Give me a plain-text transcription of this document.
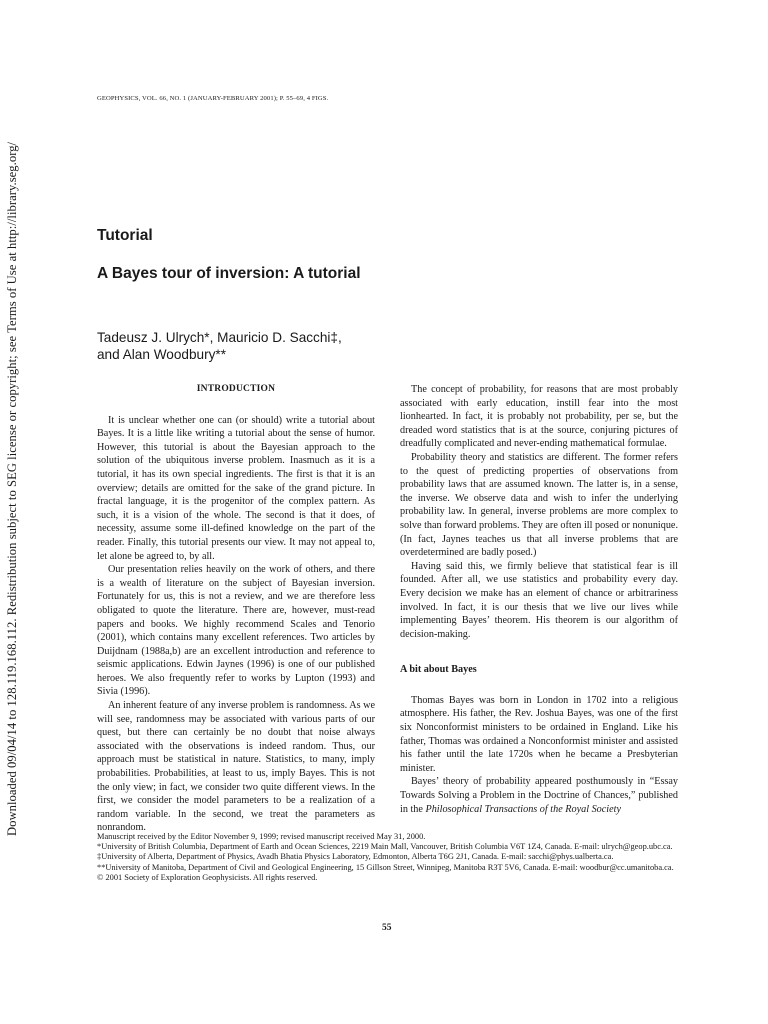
Downloaded 09/04/14 to 128.119.168.112. Redistribution subject to SEG license or copyright; see Terms of Use at http://library.seg.org/
GEOPHYSICS, VOL. 66, NO. 1 (JANUARY-FEBRUARY 2001); P. 55–69, 4 FIGS.
Tutorial
A Bayes tour of inversion: A tutorial
Tadeusz J. Ulrych*, Mauricio D. Sacchi‡,
and Alan Woodbury**
INTRODUCTION

It is unclear whether one can (or should) write a tutorial about Bayes. It is a little like writing a tutorial about the sense of humor. However, this tutorial is about the Bayesian approach to the solution of the ubiquitous inverse problem. Inasmuch as it is a tutorial, it has its own special ingredients. The first is that it is an overview; details are omitted for the sake of the grand picture. In fractal language, it is the progenitor of the complex pattern. As such, it is a vision of the whole. The second is that it does, of necessity, assume some ill-defined knowledge on the part of the reader. Finally, this tutorial presents our view. It may not appeal to, let alone be agreed to, by all.

Our presentation relies heavily on the work of others, and there is a wealth of literature on the subject of Bayesian inversion. Fortunately for us, this is not a review, and we are therefore less obligated to quote the literature. There are, however, must-read papers and books. We highly recommend Scales and Tenorio (2001), which contains many excellent references. Two articles by Duijdnam (1988a,b) are an excellent introduction and reference to seismic applications. Edwin Jaynes (1996) is one of our published heroes. We also frequently refer to works by Lupton (1993) and Sivia (1996).

An inherent feature of any inverse problem is randomness. As we will see, randomness may be associated with various parts of our quest, but there can certainly be no doubt that noise always associated with the observations is indeed random. Thus, our approach must be statistical in nature. Statistics, to many, imply probabilities. Probabilities, at least to us, imply Bayes. This is not the only view; in fact, we consider two quite different views. In the first, we consider the model parameters to be a realization of a random variable. In the second, we treat the parameters as nonrandom.

The concept of probability, for reasons that are most probably associated with early education, instill fear into the most lionhearted. In fact, it is probably not probability, per se, but the dreaded word statistics that is at the source, conjuring pictures of dreadfully complicated and never-ending mathematical formulae.

Probability theory and statistics are different. The former refers to the quest of predicting properties of observations from probability laws that are assumed known. The latter is, in a sense, the inverse. We observe data and wish to infer the underlying probability law. In general, inverse problems are more complex to solve than forward problems. They are often ill posed or nonunique. (In fact, Jaynes teaches us that all inverse problems that are overdetermined are badly posed.)

Having said this, we firmly believe that statistical fear is ill founded. After all, we use statistics and probability every day. Every decision we make has an element of chance or arbitrariness involved. In fact, it is our thesis that we live our lives while implementing Bayes’ theorem. His theorem is our algorithm of decision-making.

A bit about Bayes

Thomas Bayes was born in London in 1702 into a religious atmosphere. His father, the Rev. Joshua Bayes, was one of the first six Nonconformist ministers to be ordained in England. Like his father, Thomas was ordained a Nonconformist minister and assisted his father until the late 1720s when he became a Presbyterian minister.

Bayes’ theory of probability appeared posthumously in “Essay Towards Solving a Problem in the Doctrine of Chances,” published in the Philosophical Transactions of the Royal Society

Manuscript received by the Editor November 9, 1999; revised manuscript received May 31, 2000.
*University of British Columbia, Department of Earth and Ocean Sciences, 2219 Main Mall, Vancouver, British Columbia V6T 1Z4, Canada. E-mail: ulrych@geop.ubc.ca.
‡University of Alberta, Department of Physics, Avadh Bhatia Physics Laboratory, Edmonton, Alberta T6G 2J1, Canada. E-mail: sacchi@phys.ualberta.ca.
**University of Manitoba, Department of Civil and Geological Engineering, 15 Gillson Street, Winnipeg, Manitoba R3T 5V6, Canada. E-mail: woodbur@cc.umanitoba.ca.
© 2001 Society of Exploration Geophysicists. All rights reserved.
55
